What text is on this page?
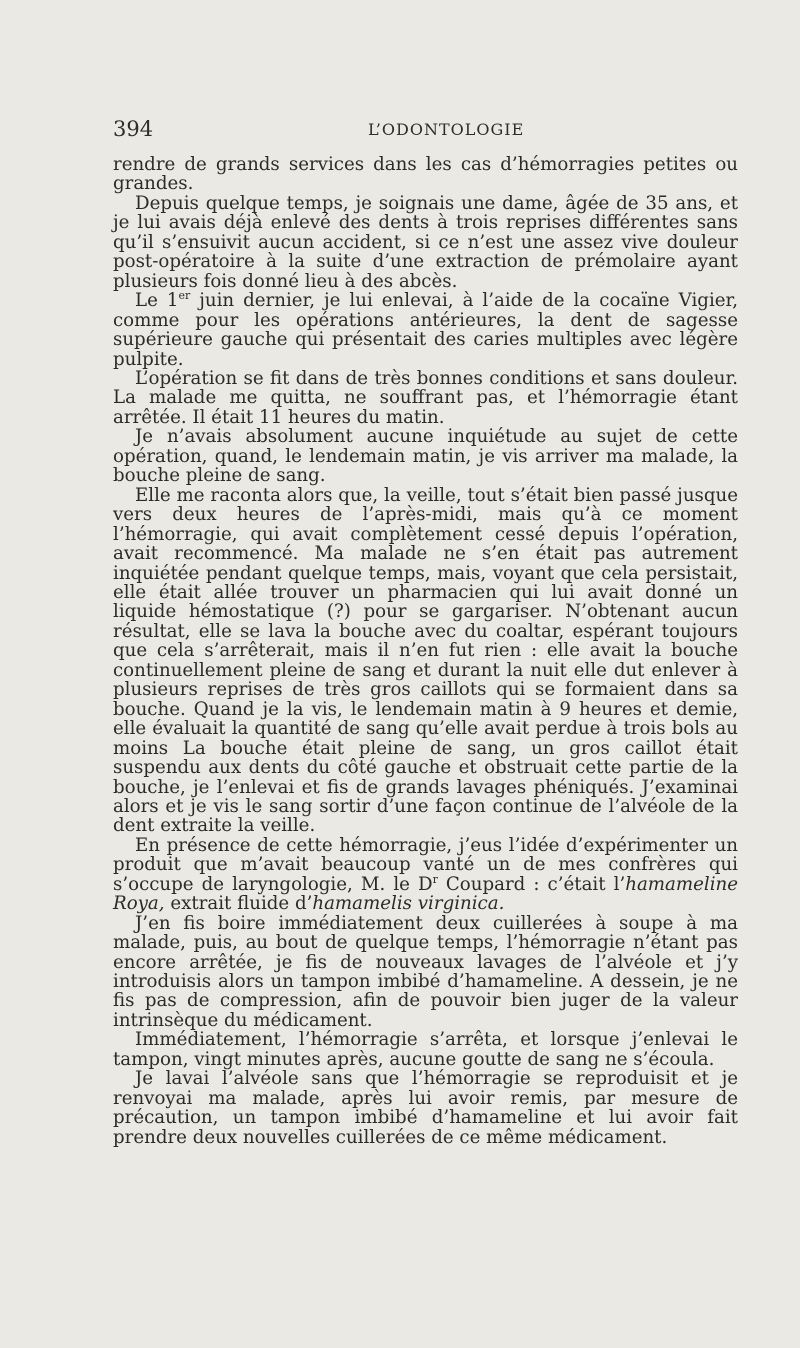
394	L’ODONTOLOGIE

rendre de grands services dans les cas d’hémorragies petites ou grandes.

Depuis quelque temps, je soignais une dame, âgée de 35 ans, et je lui avais déjà enlevé des dents à trois reprises différentes sans qu’il s’ensuivit aucun accident, si ce n’est une assez vive douleur post-opératoire à la suite d’une extraction de prémolaire ayant plusieurs fois donné lieu à des abcès.

Le 1er juin dernier, je lui enlevai, à l’aide de la cocaïne Vigier, comme pour les opérations antérieures, la dent de sagesse supérieure gauche qui présentait des caries multiples avec légère pulpite.

L’opération se fit dans de très bonnes conditions et sans douleur. La malade me quitta, ne souffrant pas, et l’hémorragie étant arrêtée. Il était 11 heures du matin.

Je n’avais absolument aucune inquiétude au sujet de cette opération, quand, le lendemain matin, je vis arriver ma malade, la bouche pleine de sang.

Elle me raconta alors que, la veille, tout s’était bien passé jusque vers deux heures de l’après-midi, mais qu’à ce moment l’hémorragie, qui avait complètement cessé depuis l’opération, avait recommencé. Ma malade ne s’en était pas autrement inquiétée pendant quelque temps, mais, voyant que cela persistait, elle était allée trouver un pharmacien qui lui avait donné un liquide hémostatique (?) pour se gargariser. N’obtenant aucun résultat, elle se lava la bouche avec du coaltar, espérant toujours que cela s’arrêterait, mais il n’en fut rien : elle avait la bouche continuellement pleine de sang et durant la nuit elle dut enlever à plusieurs reprises de très gros caillots qui se formaient dans sa bouche. Quand je la vis, le lendemain matin à 9 heures et demie, elle évaluait la quantité de sang qu’elle avait perdue à trois bols au moins La bouche était pleine de sang, un gros caillot était suspendu aux dents du côté gauche et obstruait cette partie de la bouche, je l’enlevai et fis de grands lavages phéniqués. J’examinai alors et je vis le sang sortir d’une façon continue de l’alvéole de la dent extraite la veille.

En présence de cette hémorragie, j’eus l’idée d’expérimenter un produit que m’avait beaucoup vanté un de mes confrères qui s’occupe de laryngologie, M. le $D^r$ Coupard : c’était l’hamameline Roya, extrait fluide d’hamamelis virginica.

J’en fis boire immédiatement deux cuillerées à soupe à ma malade, puis, au bout de quelque temps, l’hémorragie n’étant pas encore arrêtée, je fis de nouveaux lavages de l’alvéole et j’y introduisis alors un tampon imbibé d’hamameline. A dessein, je ne fis pas de compression, afin de pouvoir bien juger de la valeur intrinsèque du médicament.

Immédiatement, l’hémorragie s’arrêta, et lorsque j’enlevai le tampon, vingt minutes après, aucune goutte de sang ne s’écoula.

Je lavai l’alvéole sans que l’hémorragie se reproduisit et je renvoyai ma malade, après lui avoir remis, par mesure de précaution, un tampon imbibé d’hamameline et lui avoir fait prendre deux nouvelles cuillerées de ce même médicament.
